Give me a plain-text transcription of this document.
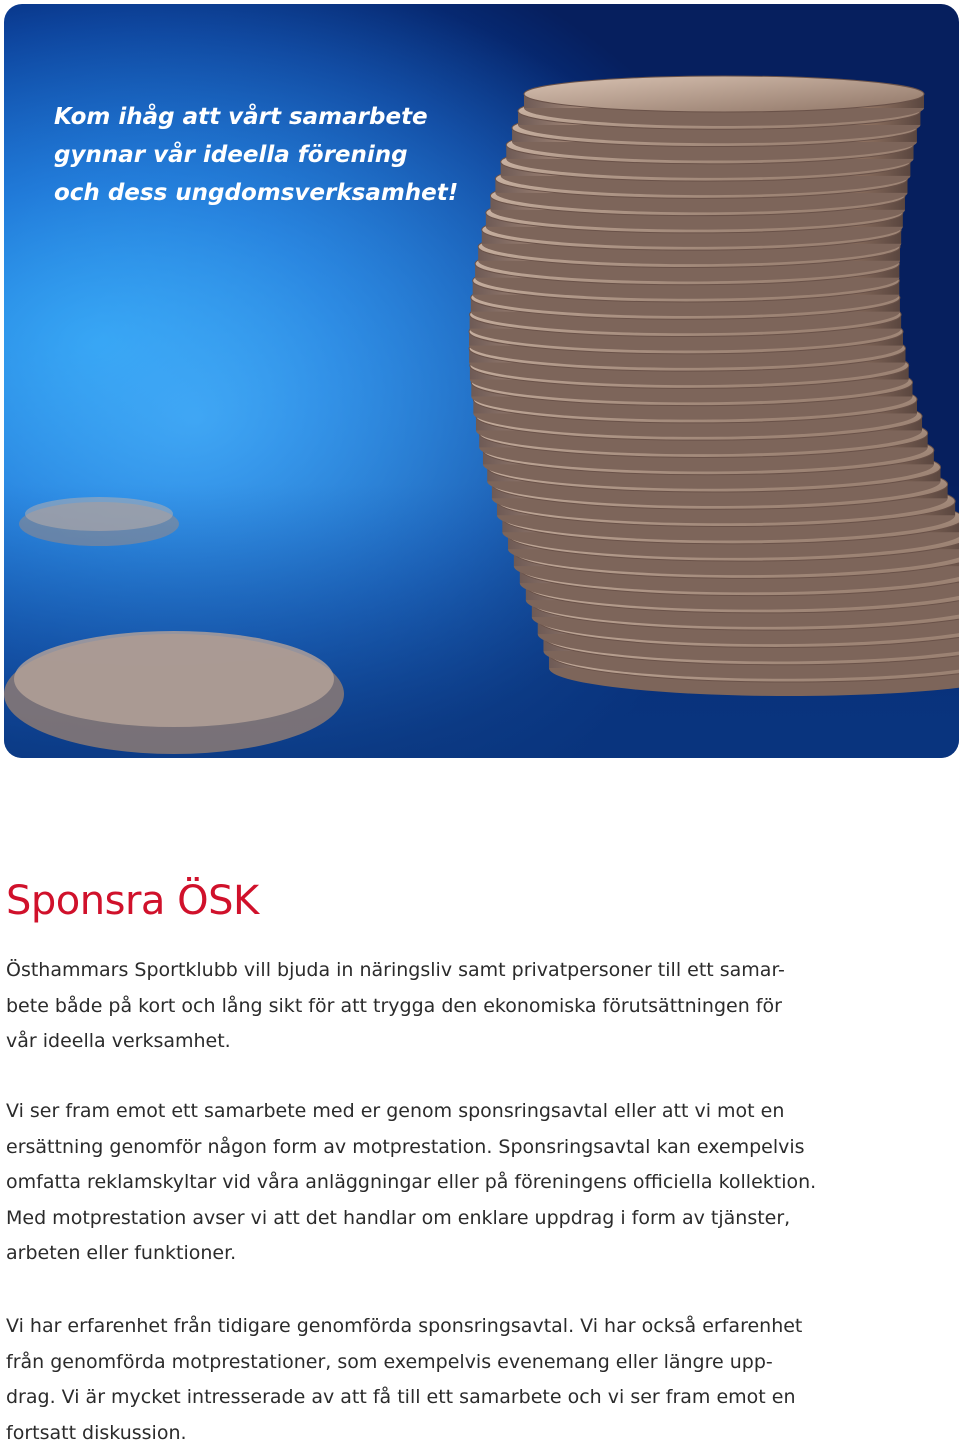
Kom ihåg att vårt samarbete
gynnar vår ideella förening
och dess ungdomsverksamhet!

Sponsra ÖSK

Östhammars Sportklubb vill bjuda in näringsliv samt privatpersoner till ett samar-
bete både på kort och lång sikt för att trygga den ekonomiska förutsättningen för
vår ideella verksamhet.

Vi ser fram emot ett samarbete med er genom sponsringsavtal eller att vi mot en
ersättning genomför någon form av motprestation. Sponsringsavtal kan exempelvis
omfatta reklamskyltar vid våra anläggningar eller på föreningens officiella kollektion.
Med motprestation avser vi att det handlar om enklare uppdrag i form av tjänster,
arbeten eller funktioner.

Vi har erfarenhet från tidigare genomförda sponsringsavtal. Vi har också erfarenhet
från genomförda motprestationer, som exempelvis evenemang eller längre upp-
drag. Vi är mycket intresserade av att få till ett samarbete och vi ser fram emot en
fortsatt diskussion.
